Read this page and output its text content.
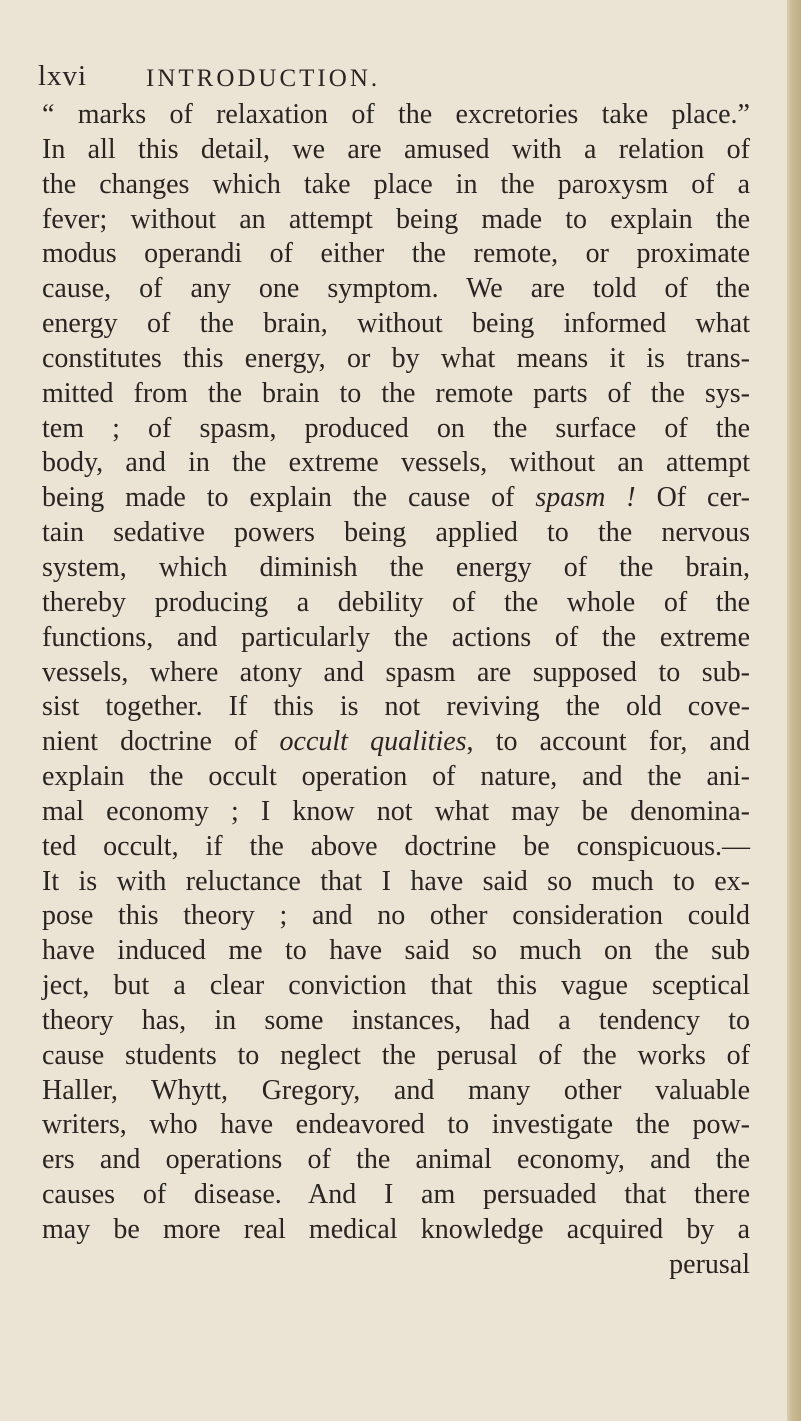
lxvi INTRODUCTION.
“ marks of relaxation of the excretories take place.”
In all this detail, we are amused with a relation of
the changes which take place in the paroxysm of a
fever; without an attempt being made to explain the
modus operandi of either the remote, or proximate
cause, of any one symptom. We are told of the
energy of the brain, without being informed what
constitutes this energy, or by what means it is trans-
mitted from the brain to the remote parts of the sys-
tem ; of spasm, produced on the surface of the
body, and in the extreme vessels, without an attempt
being made to explain the cause of spasm ! Of cer-
tain sedative powers being applied to the nervous
system, which diminish the energy of the brain,
thereby producing a debility of the whole of the
functions, and particularly the actions of the extreme
vessels, where atony and spasm are supposed to sub-
sist together. If this is not reviving the old cove-
nient doctrine of occult qualities, to account for, and
explain the occult operation of nature, and the ani-
mal economy ; I know not what may be denomina-
ted occult, if the above doctrine be conspicuous.—
It is with reluctance that I have said so much to ex-
pose this theory ; and no other consideration could
have induced me to have said so much on the sub
ject, but a clear conviction that this vague sceptical
theory has, in some instances, had a tendency to
cause students to neglect the perusal of the works of
Haller, Whytt, Gregory, and many other valuable
writers, who have endeavored to investigate the pow-
ers and operations of the animal economy, and the
causes of disease. And I am persuaded that there
may be more real medical knowledge acquired by a
perusal
